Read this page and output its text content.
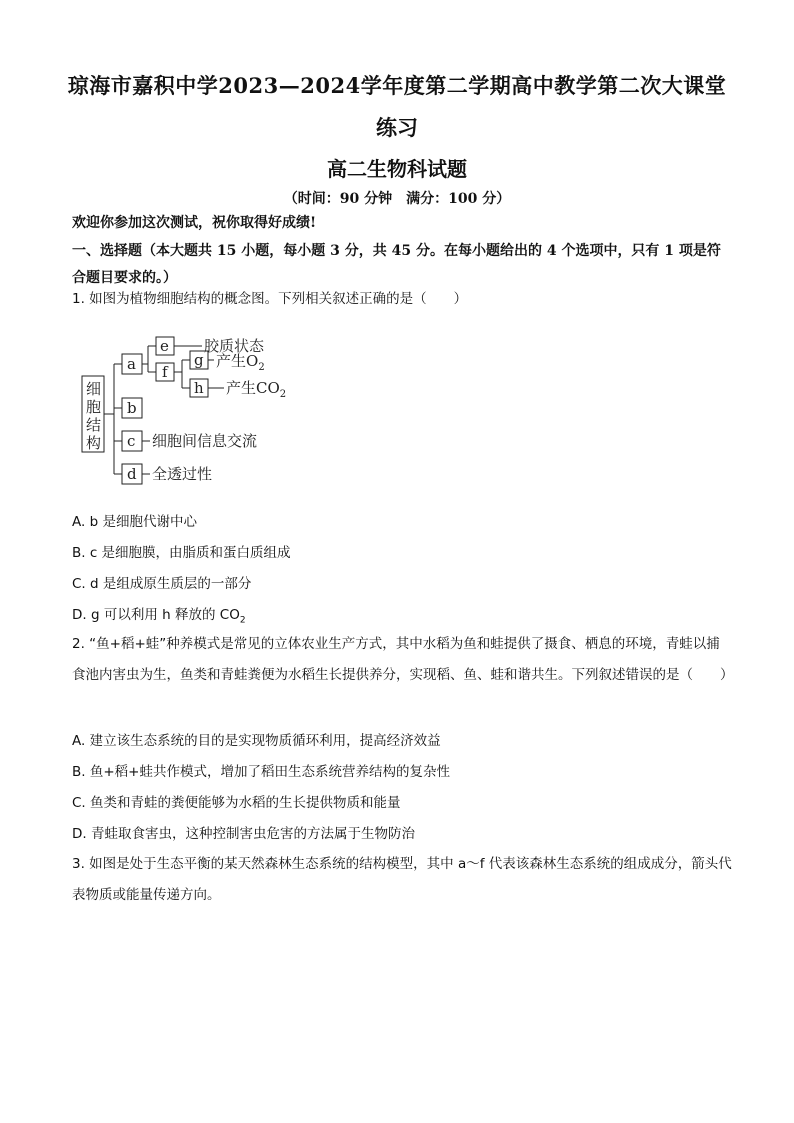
琼海市嘉积中学2023—2024学年度第二学期高中教学第二次大课堂
练习
高二生物科试题
（时间：90 分钟　满分：100 分）
欢迎你参加这次测试，祝你取得好成绩!
一、选择题（本大题共 15 小题，每小题 3 分，共 45 分。在每小题给出的 4 个选项中，只有 1 项是符合题目要求的。）
1. 如图为植物细胞结构的概念图。下列相关叙述正确的是（　　）
细
胞
结
构
a
b
c
d
e
f
g
h
胶质状态
产生$O_2$
产生$CO_2$
细胞间信息交流
全透过性
A. b 是细胞代谢中心
B. c 是细胞膜，由脂质和蛋白质组成
C. d 是组成原生质层的一部分
D. g 可以利用 h 释放的 $CO_2$
2. “鱼+稻+蛙”种养模式是常见的立体农业生产方式，其中水稻为鱼和蛙提供了摄食、栖息的环境，青蛙以捕食池内害虫为生，鱼类和青蛙粪便为水稻生长提供养分，实现稻、鱼、蛙和谐共生。下列叙述错误的是（　　）
A. 建立该生态系统的目的是实现物质循环利用，提高经济效益
B. 鱼+稻+蛙共作模式，增加了稻田生态系统营养结构的复杂性
C. 鱼类和青蛙的粪便能够为水稻的生长提供物质和能量
D. 青蛙取食害虫，这种控制害虫危害的方法属于生物防治
3. 如图是处于生态平衡的某天然森林生态系统的结构模型，其中 a～f 代表该森林生态系统的组成成分，箭头代表物质或能量传递方向。
